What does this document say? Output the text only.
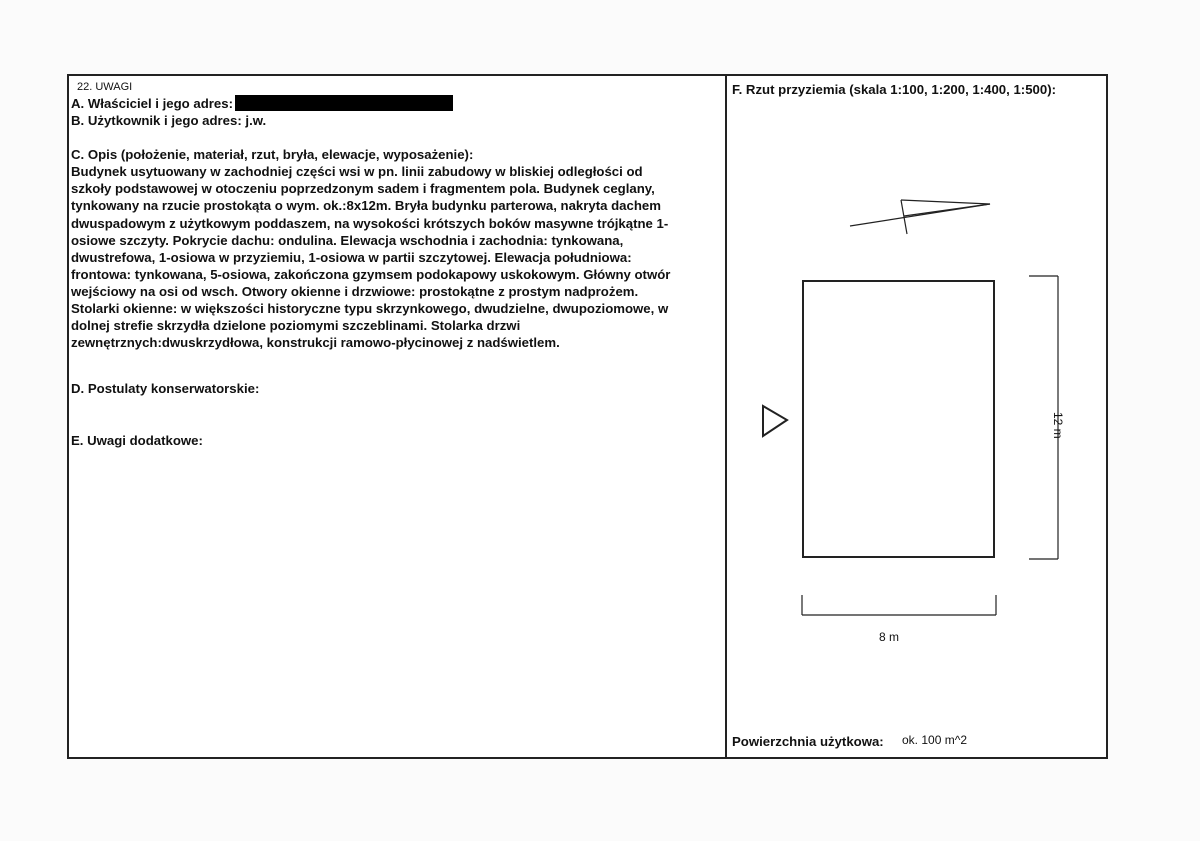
22. UWAGI
A. Właściciel i jego adres:
B. Użytkownik i jego adres: j.w.
C. Opis (położenie, materiał, rzut, bryła, elewacje, wyposażenie):
Budynek usytuowany w zachodniej części wsi w pn. linii zabudowy w bliskiej odległości od
szkoły podstawowej w otoczeniu poprzedzonym sadem i fragmentem pola. Budynek ceglany,
tynkowany na rzucie prostokąta o wym. ok.:8x12m. Bryła budynku parterowa, nakryta dachem
dwuspadowym z użytkowym poddaszem, na wysokości krótszych boków masywne trójkątne 1-
osiowe szczyty. Pokrycie dachu: ondulina. Elewacja wschodnia i zachodnia: tynkowana,
dwustrefowa, 1-osiowa w przyziemiu, 1-osiowa w partii szczytowej. Elewacja południowa:
frontowa: tynkowana, 5-osiowa, zakończona gzymsem podokapowy uskokowym. Główny otwór
wejściowy na osi od wsch. Otwory okienne i drzwiowe: prostokątne z prostym nadprożem.
Stolarki okienne: w większości historyczne typu skrzynkowego, dwudzielne, dwupoziomowe, w
dolnej strefie skrzydła dzielone poziomymi szczeblinami. Stolarka drzwi
zewnętrznych:dwuskrzydłowa, konstrukcji ramowo-płycinowej z nadświetlem.
D. Postulaty konserwatorskie:
E. Uwagi dodatkowe:
F. Rzut przyziemia (skala 1:100, 1:200, 1:400, 1:500):
8 m
12 m
Powierzchnia użytkowa: ok. 100 m^2
